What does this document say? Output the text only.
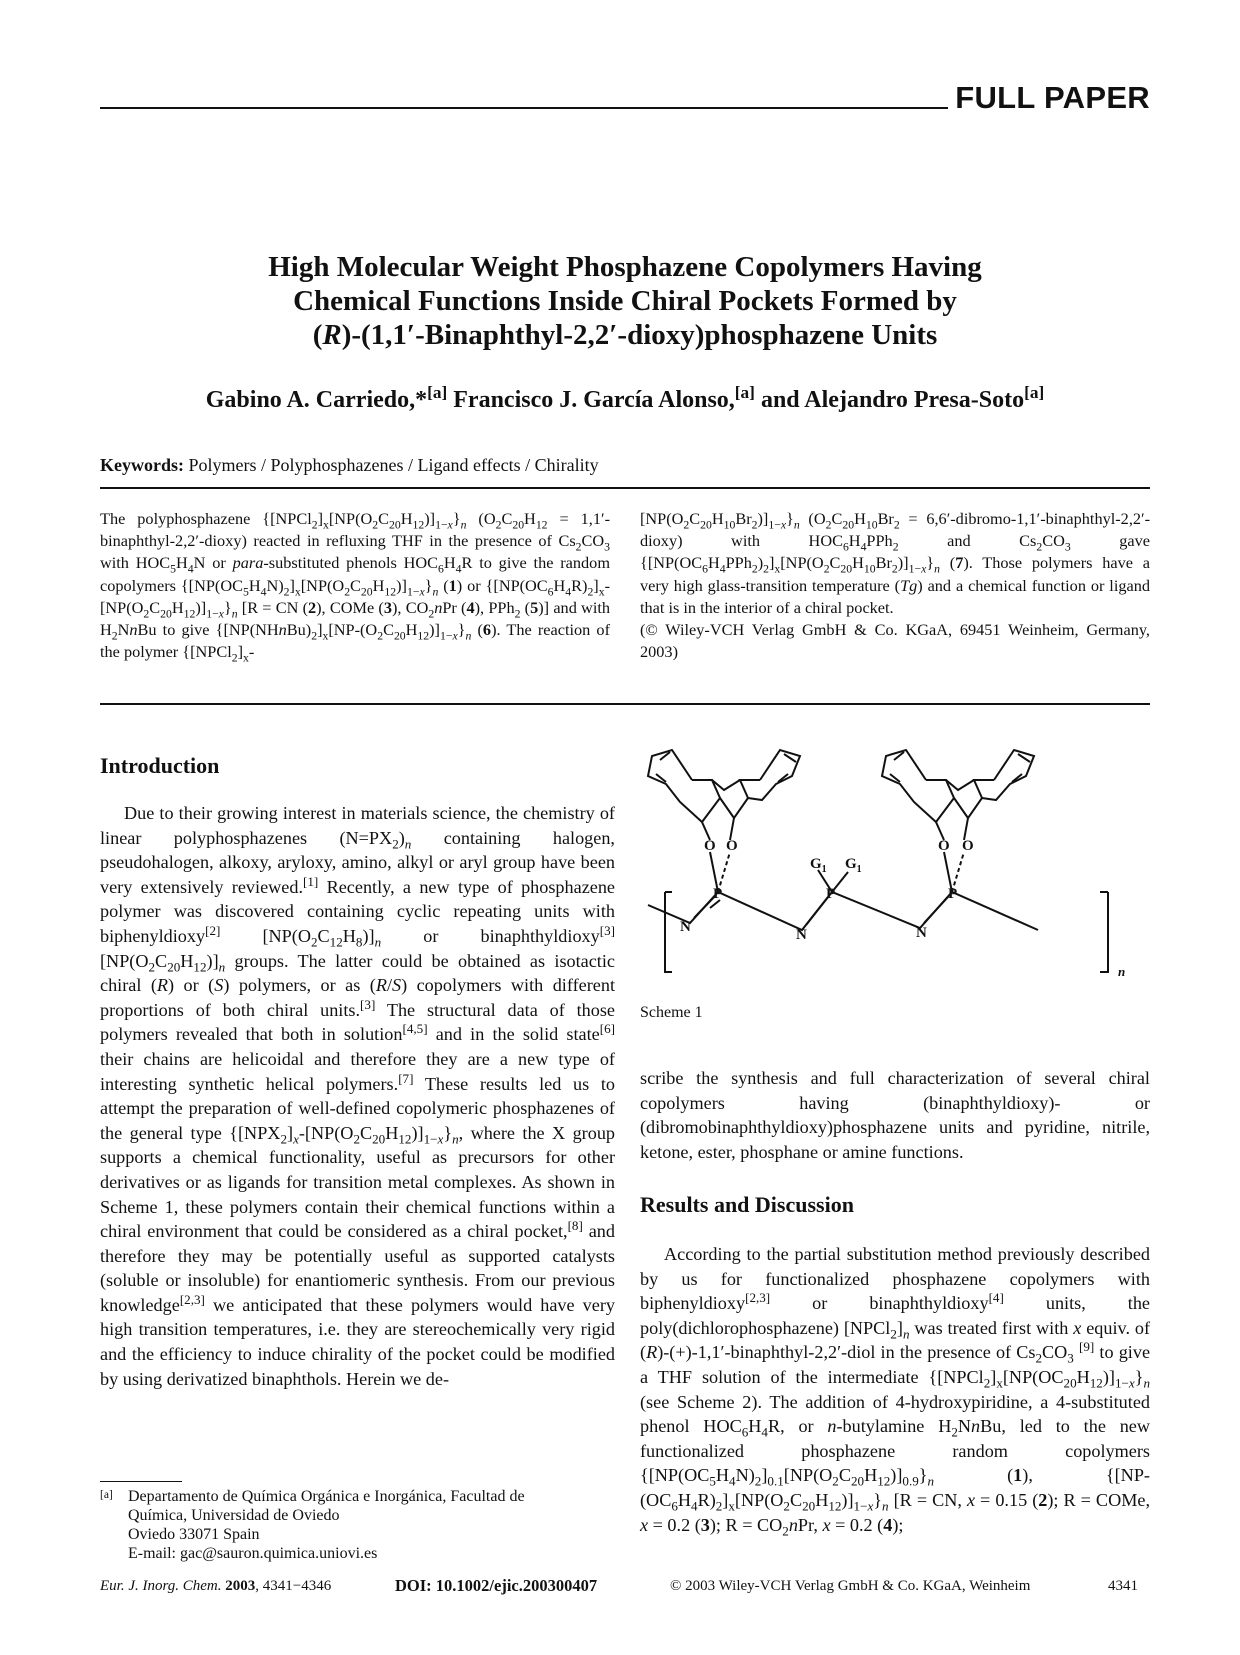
FULL PAPER
High Molecular Weight Phosphazene Copolymers Having
Chemical Functions Inside Chiral Pockets Formed by
(R)-(1,1′-Binaphthyl-2,2′-dioxy)phosphazene Units
Gabino A. Carriedo,*[a] Francisco J. García Alonso,[a] and Alejandro Presa-Soto[a]
Keywords: Polymers / Polyphosphazenes / Ligand effects / Chirality
The polyphosphazene $\{[NPCl_2]_x[NP(O_2C_{20}H_{12})]_{1-x}\}_n$ ($O_2C_{20}H_{12}$ = 1,1′-binaphthyl-2,2′-dioxy) reacted in refluxing THF in the presence of $Cs_2CO_3$ with $HOC_5H_4N$ or para-substituted phenols $HOC_6H_4R$ to give the random copolymers $\{[NP(OC_5H_4N)_2]_x[NP(O_2C_{20}H_{12})]_{1-x}\}_n$ (1) or $\{[NP(OC_6H_4R)_2]_x-[NP(O_2C_{20}H_{12})]_{1-x}\}_n$ [R = CN (2), COMe (3), $CO_2nPr$ (4), PPh$_2$ (5)] and with $H_2NnBu$ to give $\{[NP(NHnBu)_2]_x[NP-(O_2C_{20}H_{12})]_{1-x}\}_n$ (6). The reaction of the polymer {$[NPCl_2]_x-$
$[NP(O_2C_{20}H_{10}Br_2)]_{1-x}\}_n$ ($O_2C_{20}H_{10}Br_2$ = 6,6′-dibromo-1,1′-binaphthyl-2,2′-dioxy) with $HOC_6H_4PPh_2$ and $Cs_2CO_3$ gave $\{[NP(OC_6H_4PPh_2)_2]_x[NP(O_2C_{20}H_{10}Br_2)]_{1-x}\}_n$ (7). Those polymers have a very high glass-transition temperature (Tg) and a chemical function or ligand that is in the interior of a chiral pocket.
(© Wiley-VCH Verlag GmbH & Co. KGaA, 69451 Weinheim, Germany, 2003)
Introduction

Due to their growing interest in materials science, the chemistry of linear polyphosphazenes $(N=PX_2)_n$ containing halogen, pseudohalogen, alkoxy, aryloxy, amino, alkyl or aryl group have been very extensively reviewed.[1] Recently, a new type of phosphazene polymer was discovered containing cyclic repeating units with biphenyldioxy[2] $[NP(O_2C_{12}H_8)]_n$ or binaphthyldioxy[3] $[NP(O_2C_{20}H_{12})]_n$ groups. The latter could be obtained as isotactic chiral (R) or (S) polymers, or as (R/S) copolymers with different proportions of both chiral units.[3] The structural data of those polymers revealed that both in solution[4,5] and in the solid state[6] their chains are helicoidal and therefore they are a new type of interesting synthetic helical polymers.[7] These results led us to attempt the preparation of well-defined copolymeric phosphazenes of the general type $\{[NPX_2]_x-[NP(O_2C_{20}H_{12})]_{1-x}\}_n$, where the X group supports a chemical functionality, useful as precursors for other derivatives or as ligands for transition metal complexes. As shown in Scheme 1, these polymers contain their chemical functions within a chiral environment that could be considered as a chiral pocket,[8] and therefore they may be potentially useful as supported catalysts (soluble or insoluble) for enantiomeric synthesis. From our previous knowledge[2,3] we anticipated that these polymers would have very high transition temperatures, i.e. they are stereochemically very rigid and the efficiency to induce chirality of the pocket could be modified by using derivatized binaphthols. Herein we de-

O O
P
N	N
P
$G_1$ $G_1$
O O
N
P
n
Scheme 1

scribe the synthesis and full characterization of several chiral copolymers having (binaphthyldioxy)- or (dibromobinaphthyldioxy)phosphazene units and pyridine, nitrile, ketone, ester, phosphane or amine functions.

Results and Discussion

According to the partial substitution method previously described by us for functionalized phosphazene copolymers with biphenyldioxy[2,3] or binaphthyldioxy[4] units, the poly(dichlorophosphazene) $[NPCl_2]_n$ was treated first with x equiv. of (R)-(+)-1,1′-binaphthyl-2,2′-diol in the presence of $Cs_2CO_3$ [9] to give a THF solution of the intermediate $\{[NPCl_2]_x[NP(OC_{20}H_{12})]_{1-x}\}_n$ (see Scheme 2). The addition of 4-hydroxypiridine, a 4-substituted phenol $HOC_6H_4R$, or n-butylamine $H_2NnBu$, led to the new functionalized phosphazene random copolymers $\{[NP(OC_5H_4N)_2]_{0.1}[NP(O_2C_{20}H_{12})]_{0.9}\}_n$ (1), $\{[NP-(OC_6H_4R)_2]_x[NP(O_2C_{20}H_{12})]_{1-x}\}_n$ [R = CN, x = 0.15 (2); R = COMe, x = 0.2 (3); $R = CO_2nPr$, x = 0.2 (4);

[a] Departamento de Química Orgánica e Inorgánica, Facultad de
Química, Universidad de Oviedo
Oviedo 33071 Spain
E-mail: gac@sauron.quimica.uniovi.es
Eur. J. Inorg. Chem. 2003, 4341−4346	DOI: 10.1002/ejic.200300407	© 2003 Wiley-VCH Verlag GmbH & Co. KGaA, Weinheim	4341
